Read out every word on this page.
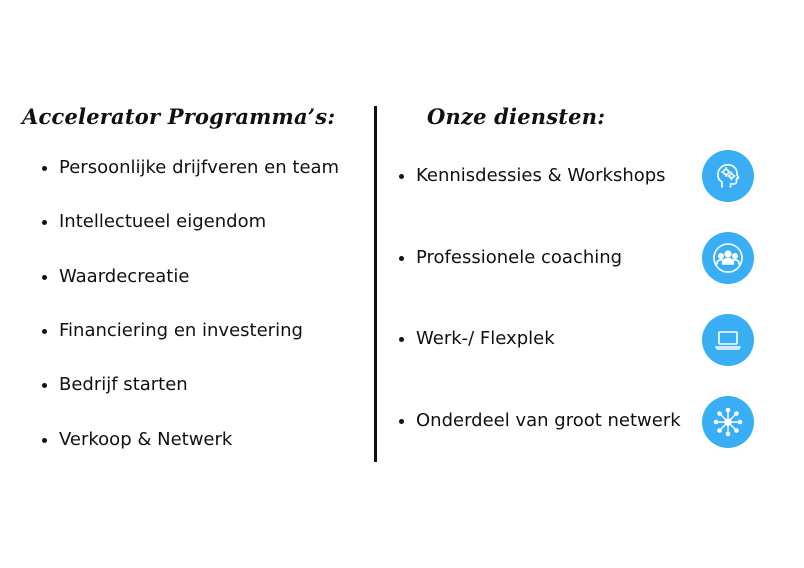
Accelerator Programma’s:	Onze diensten:
Persoonlijke drijfveren en team
Intellectueel eigendom
Waardecreatie
Financiering en investering
Bedrijf starten
Verkoop & Netwerk
Kennisdessies & Workshops
Professionele coaching
Werk-/ Flexplek
Onderdeel van groot netwerk
